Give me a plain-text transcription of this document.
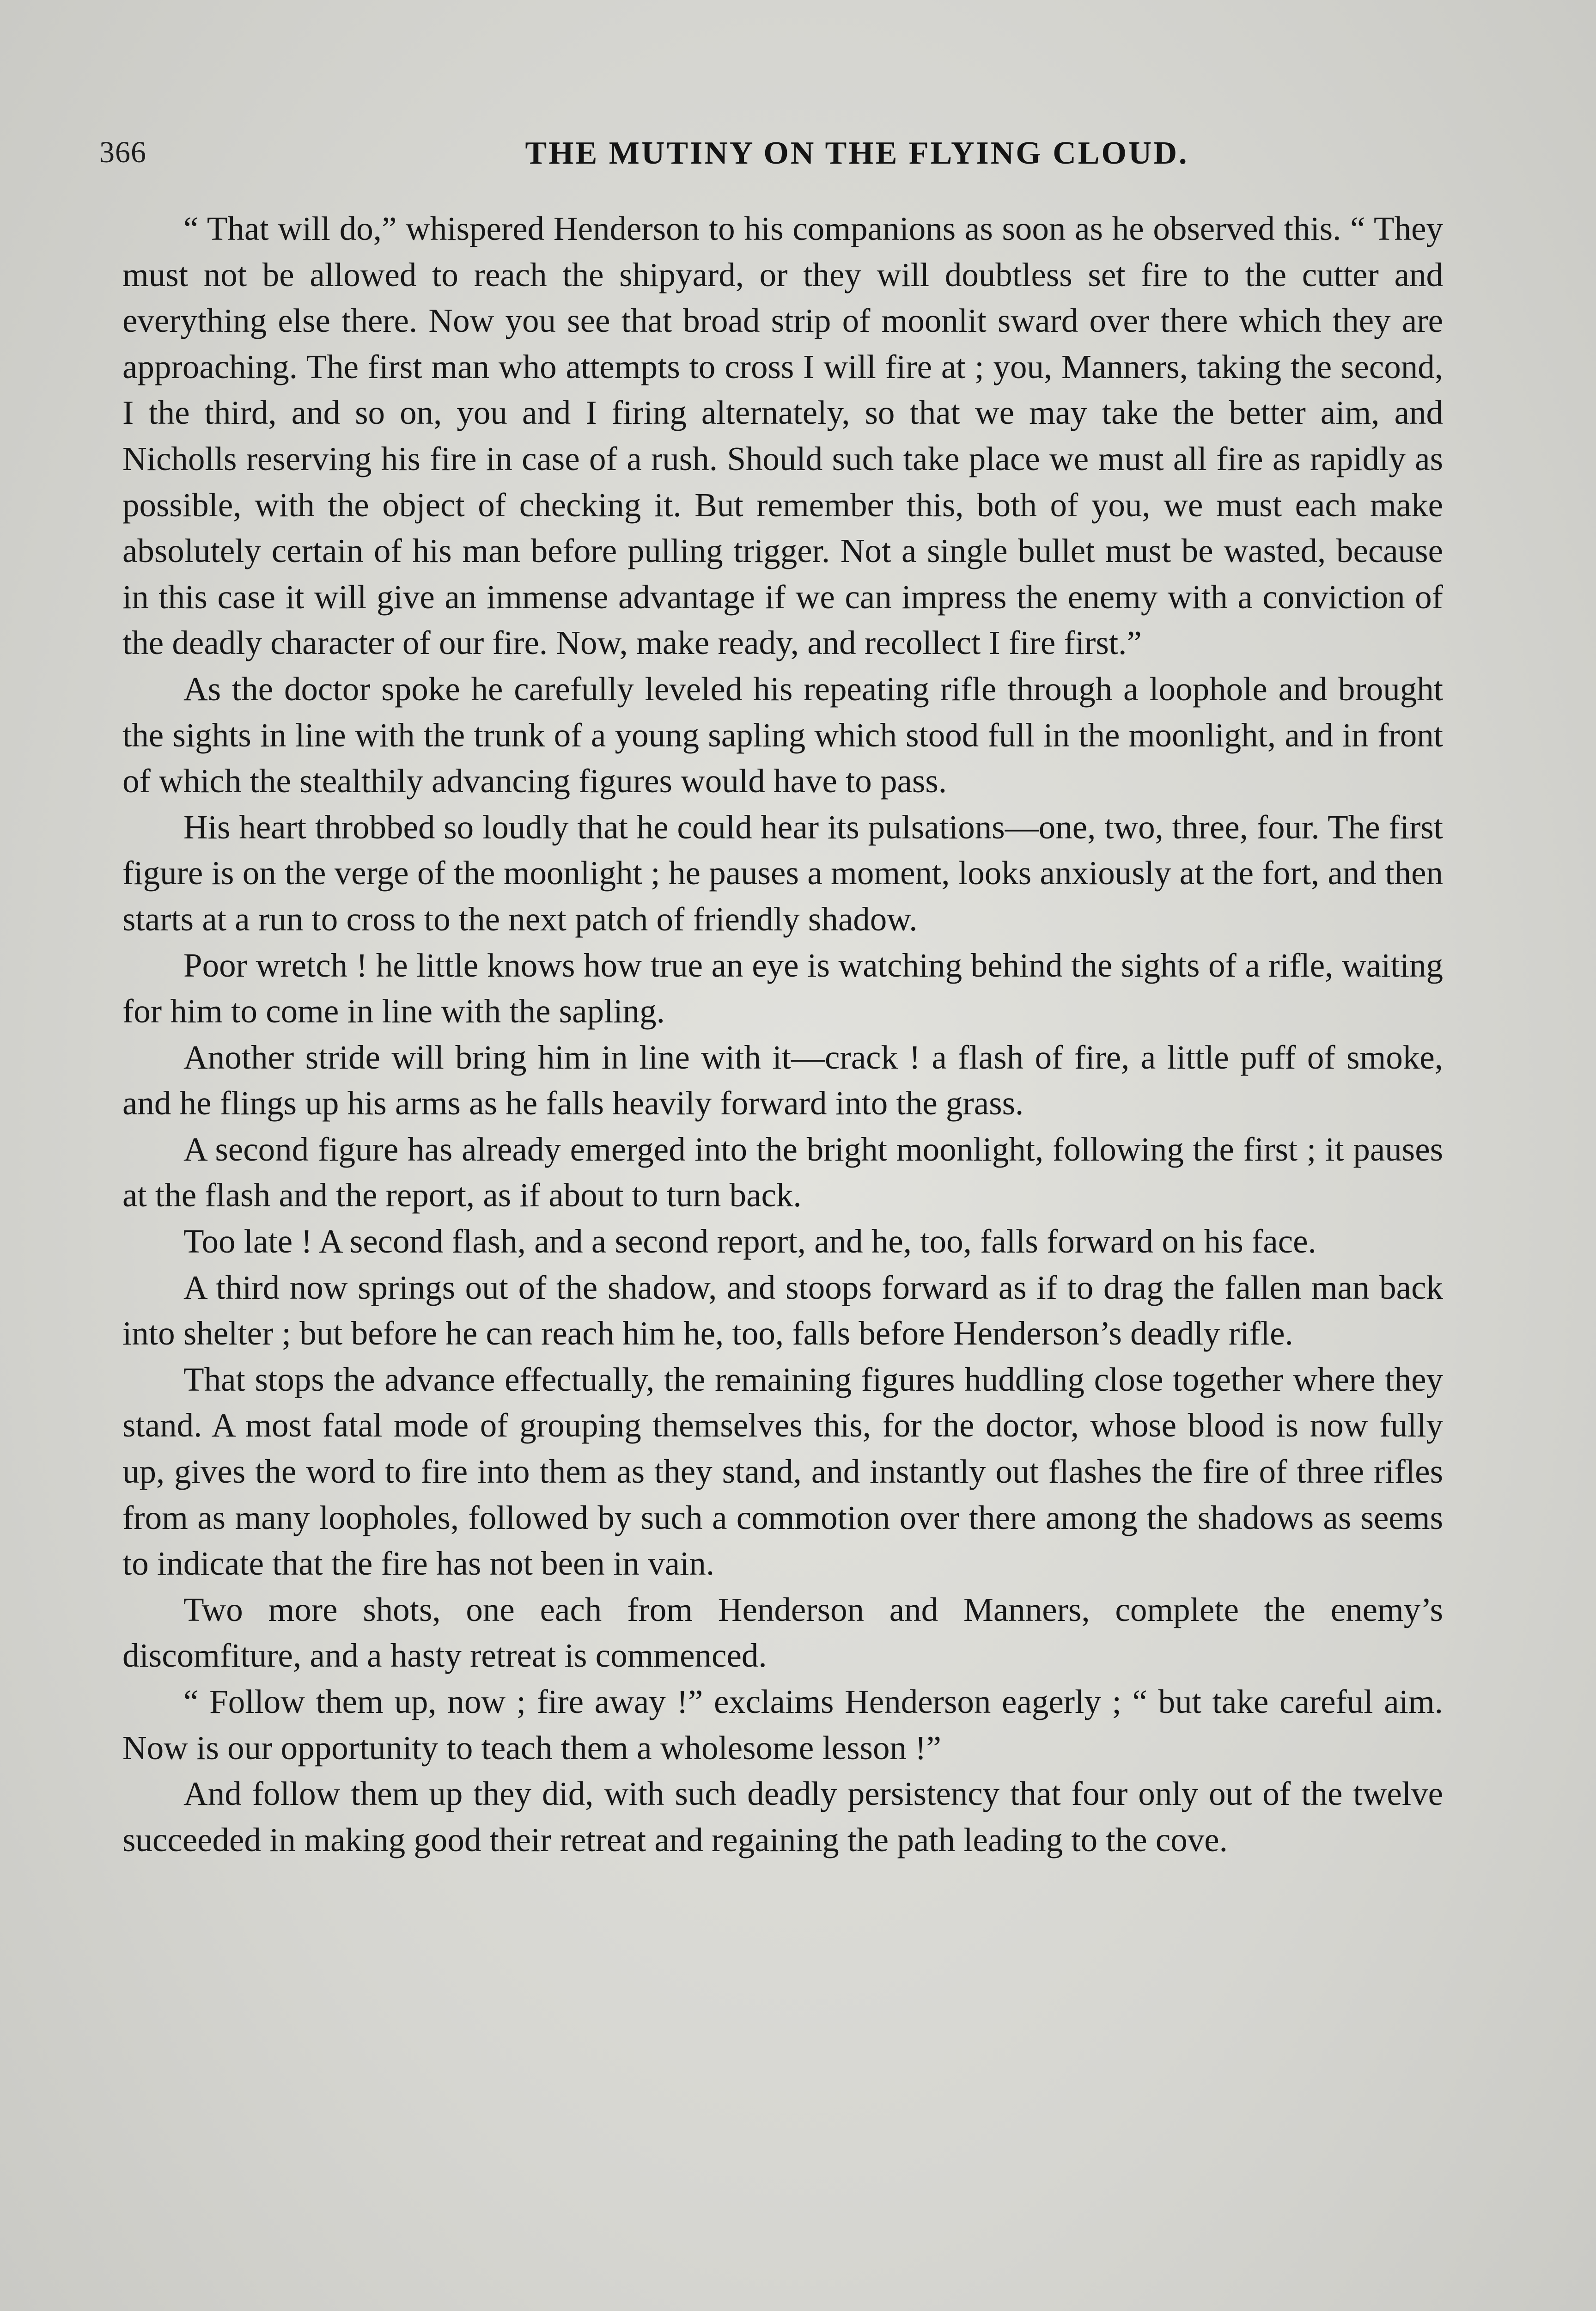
366	THE MUTINY ON THE FLYING CLOUD.

“ That will do,” whispered Henderson to his companions as soon as he observed this. “ They must not be allowed to reach the shipyard, or they will doubtless set fire to the cutter and everything else there. Now you see that broad strip of moonlit sward over there which they are approaching. The first man who attempts to cross I will fire at ; you, Manners, taking the second, I the third, and so on, you and I firing alternately, so that we may take the better aim, and Nicholls reserving his fire in case of a rush. Should such take place we must all fire as rapidly as possible, with the object of checking it. But remember this, both of you, we must each make absolutely certain of his man before pulling trigger. Not a single bullet must be wasted, because in this case it will give an immense advantage if we can impress the enemy with a conviction of the deadly character of our fire. Now, make ready, and recollect I fire first.”

As the doctor spoke he carefully leveled his repeating rifle through a loophole and brought the sights in line with the trunk of a young sapling which stood full in the moonlight, and in front of which the stealthily advancing figures would have to pass.

His heart throbbed so loudly that he could hear its pulsations—one, two, three, four. The first figure is on the verge of the moonlight ; he pauses a moment, looks anxiously at the fort, and then starts at a run to cross to the next patch of friendly shadow.

Poor wretch ! he little knows how true an eye is watching behind the sights of a rifle, waiting for him to come in line with the sapling.

Another stride will bring him in line with it—crack ! a flash of fire, a little puff of smoke, and he flings up his arms as he falls heavily forward into the grass.

A second figure has already emerged into the bright moonlight, following the first ; it pauses at the flash and the report, as if about to turn back.

Too late ! A second flash, and a second report, and he, too, falls forward on his face.

A third now springs out of the shadow, and stoops forward as if to drag the fallen man back into shelter ; but before he can reach him he, too, falls before Henderson’s deadly rifle.

That stops the advance effectually, the remaining figures huddling close together where they stand. A most fatal mode of grouping themselves this, for the doctor, whose blood is now fully up, gives the word to fire into them as they stand, and instantly out flashes the fire of three rifles from as many loopholes, followed by such a commotion over there among the shadows as seems to indicate that the fire has not been in vain.

Two more shots, one each from Henderson and Manners, complete the enemy’s discomfiture, and a hasty retreat is commenced.

“ Follow them up, now ; fire away !” exclaims Henderson eagerly ; “ but take careful aim. Now is our opportunity to teach them a wholesome lesson !”

And follow them up they did, with such deadly persistency that four only out of the twelve succeeded in making good their retreat and regaining the path leading to the cove.
